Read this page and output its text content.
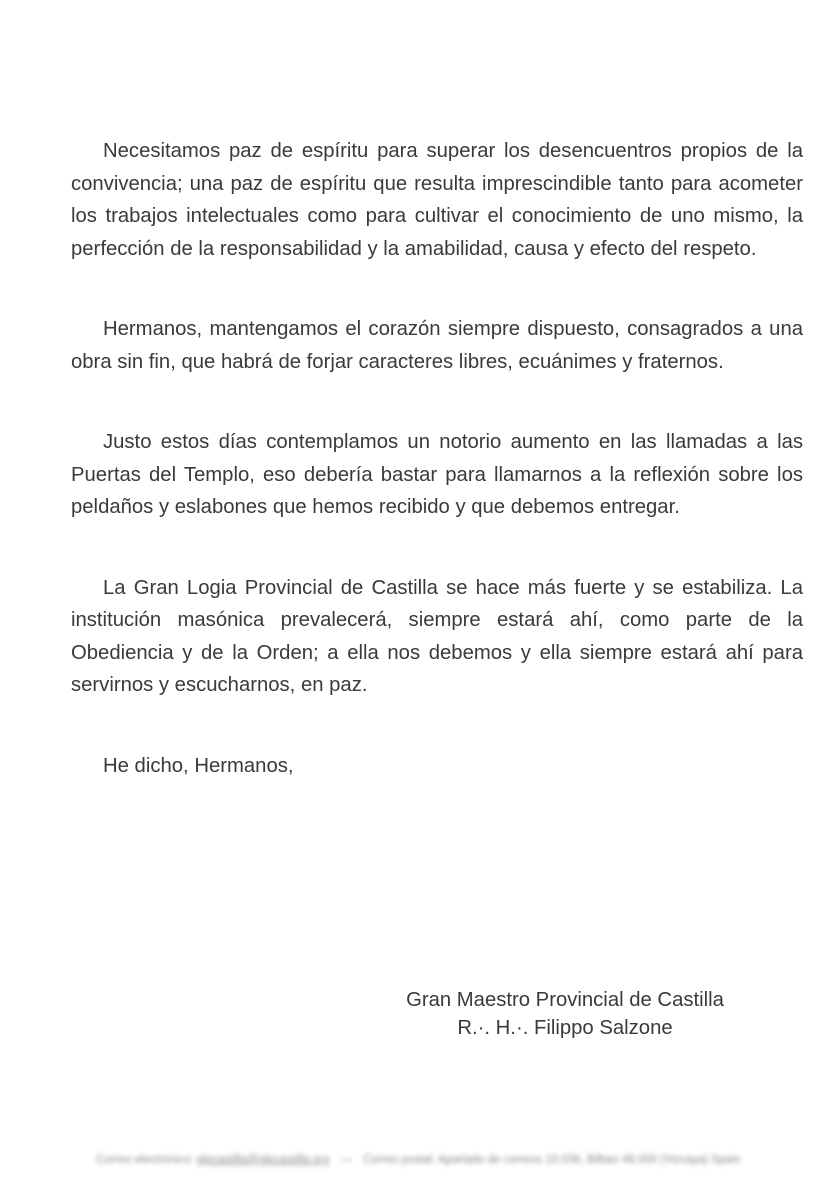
Necesitamos paz de espíritu para superar los desencuentros propios de la convivencia; una paz de espíritu que resulta imprescindible tanto para acometer los trabajos intelectuales como para cultivar el conocimiento de uno mismo, la perfección de la responsabilidad y la amabilidad, causa y efecto del respeto.

Hermanos, mantengamos el corazón siempre dispuesto, consagrados a una obra sin fin, que habrá de forjar caracteres libres, ecuánimes y fraternos.

Justo estos días contemplamos un notorio aumento en las llamadas a las Puertas del Templo, eso debería bastar para llamarnos a la reflexión sobre los peldaños y eslabones que hemos recibido y que debemos entregar.

La Gran Logia Provincial de Castilla se hace más fuerte y se estabiliza. La institución masónica prevalecerá, siempre estará ahí, como parte de la Obediencia y de la Orden; a ella nos debemos y ella siempre estará ahí para servirnos y escucharnos, en paz.

He dicho, Hermanos,

Gran Maestro Provincial de Castilla
R.·. H.·. Filippo Salzone
Correo electrónico: glpcastilla@glpcastilla.org — Correo postal: Apartado de correos 10.036, Bilbao 48.000 (Vizcaya) Spain
